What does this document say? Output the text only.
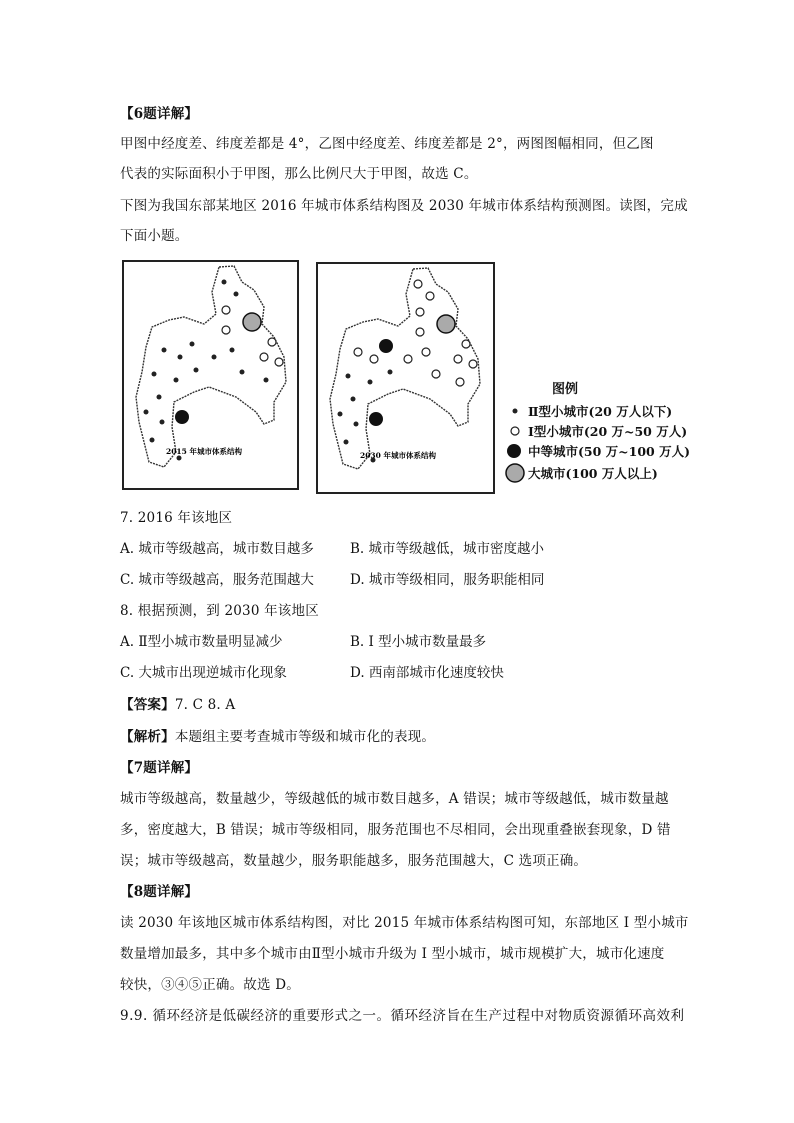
【6题详解】
甲图中经度差、纬度差都是 4°，乙图中经度差、纬度差都是 2°，两图图幅相同，但乙图
代表的实际面积小于甲图，那么比例尺大于甲图，故选 C。
下图为我国东部某地区 2016 年城市体系结构图及 2030 年城市体系结构预测图。读图，完成
下面小题。
2015 年城市体系结构	2030 年城市体系结构
图例
Ⅱ型小城市(20 万人以下)
Ⅰ型小城市(20 万~50 万人)
中等城市(50 万~100 万人)
大城市(100 万人以上)
7. 2016 年该地区
A. 城市等级越高，城市数目越多	B. 城市等级越低，城市密度越小
C. 城市等级越高，服务范围越大	D. 城市等级相同，服务职能相同
8. 根据预测，到 2030 年该地区
A. Ⅱ型小城市数量明显减少	B. I 型小城市数量最多
C. 大城市出现逆城市化现象	D. 西南部城市化速度较快
【答案】7. C 8. A
【解析】本题组主要考查城市等级和城市化的表现。
【7题详解】
城市等级越高，数量越少，等级越低的城市数目越多，A 错误；城市等级越低，城市数量越
多，密度越大，B 错误；城市等级相同，服务范围也不尽相同，会出现重叠嵌套现象，D 错
误；城市等级越高，数量越少，服务职能越多，服务范围越大，C 选项正确。
【8题详解】
读 2030 年该地区城市体系结构图，对比 2015 年城市体系结构图可知，东部地区 I 型小城市
数量增加最多，其中多个城市由Ⅱ型小城市升级为 I 型小城市，城市规模扩大，城市化速度
较快，③④⑤正确。故选 D。
9.9. 循环经济是低碳经济的重要形式之一。循环经济旨在生产过程中对物质资源循环高效利
